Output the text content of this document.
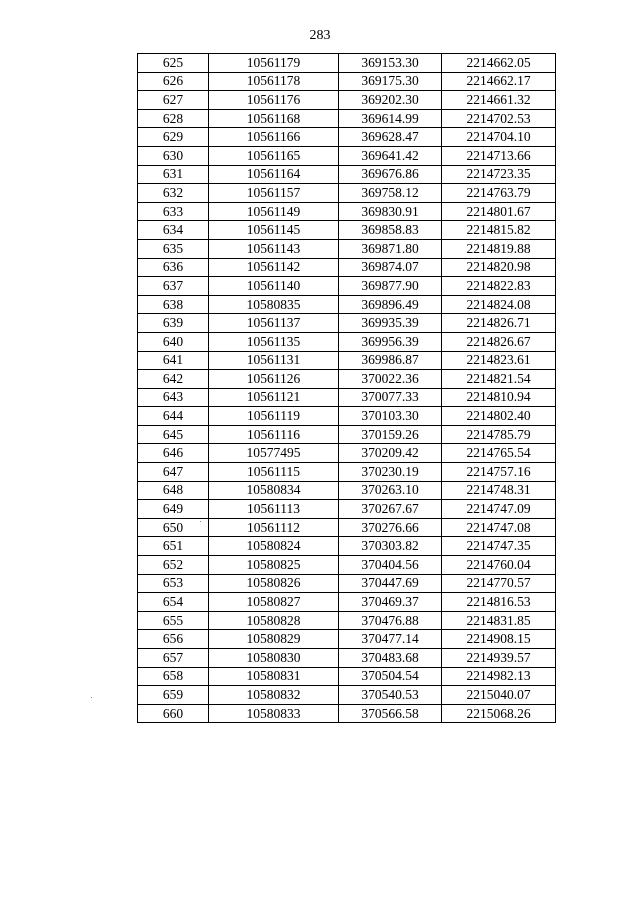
283
625	10561179	369153.30	2214662.05
626	10561178	369175.30	2214662.17
627	10561176	369202.30	2214661.32
628	10561168	369614.99	2214702.53
629	10561166	369628.47	2214704.10
630	10561165	369641.42	2214713.66
631	10561164	369676.86	2214723.35
632	10561157	369758.12	2214763.79
633	10561149	369830.91	2214801.67
634	10561145	369858.83	2214815.82
635	10561143	369871.80	2214819.88
636	10561142	369874.07	2214820.98
637	10561140	369877.90	2214822.83
638	10580835	369896.49	2214824.08
639	10561137	369935.39	2214826.71
640	10561135	369956.39	2214826.67
641	10561131	369986.87	2214823.61
642	10561126	370022.36	2214821.54
643	10561121	370077.33	2214810.94
644	10561119	370103.30	2214802.40
645	10561116	370159.26	2214785.79
646	10577495	370209.42	2214765.54
647	10561115	370230.19	2214757.16
648	10580834	370263.10	2214748.31
649	10561113	370267.67	2214747.09
650	10561112	370276.66	2214747.08
651	10580824	370303.82	2214747.35
652	10580825	370404.56	2214760.04
653	10580826	370447.69	2214770.57
654	10580827	370469.37	2214816.53
655	10580828	370476.88	2214831.85
656	10580829	370477.14	2214908.15
657	10580830	370483.68	2214939.57
658	10580831	370504.54	2214982.13
659	10580832	370540.53	2215040.07
660	10580833	370566.58	2215068.26
